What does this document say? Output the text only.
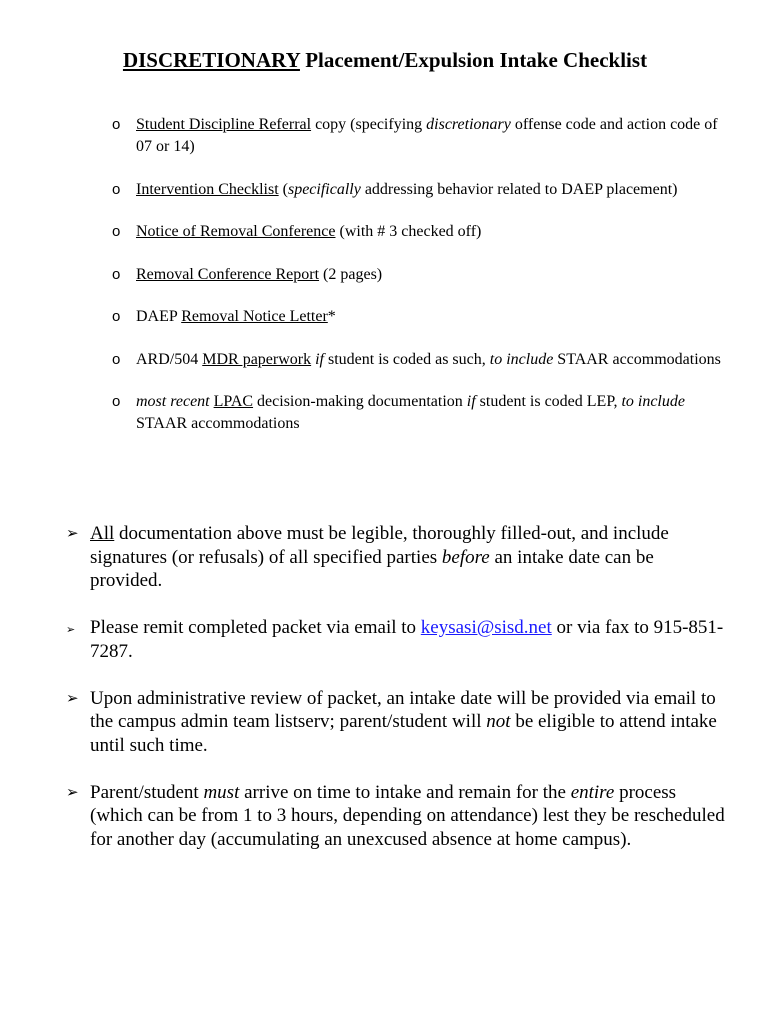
DISCRETIONARY Placement/Expulsion Intake Checklist
o Student Discipline Referral copy (specifying discretionary offense code and action code of 07 or 14)
o Intervention Checklist (specifically addressing behavior related to DAEP placement)
o Notice of Removal Conference (with # 3 checked off)
o Removal Conference Report (2 pages)
o DAEP Removal Notice Letter*
o ARD/504 MDR paperwork if student is coded as such, to include STAAR accommodations
o most recent LPAC decision-making documentation if student is coded LEP, to include STAAR accommodations
➢ All documentation above must be legible, thoroughly filled-out, and include signatures (or refusals) of all specified parties before an intake date can be provided.
➢ Please remit completed packet via email to keysasi@sisd.net or via fax to 915-851-7287.
➢ Upon administrative review of packet, an intake date will be provided via email to the campus admin team listserv; parent/student will not be eligible to attend intake until such time.
➢ Parent/student must arrive on time to intake and remain for the entire process (which can be from 1 to 3 hours, depending on attendance) lest they be rescheduled for another day (accumulating an unexcused absence at home campus).
